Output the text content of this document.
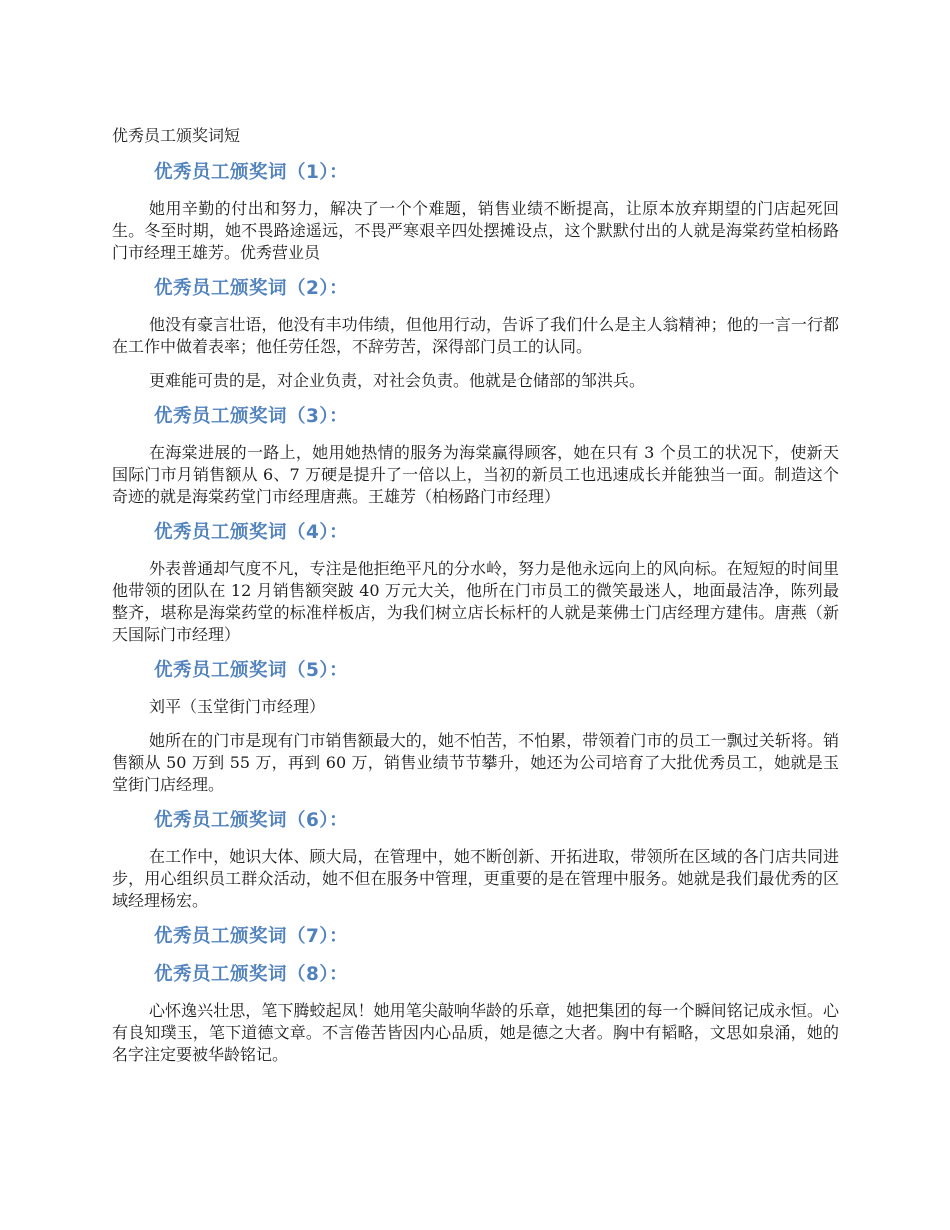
优秀员工颁奖词短
优秀员工颁奖词（1）：

她用辛勤的付出和努力，解决了一个个难题，销售业绩不断提高，让原本放弃期望的门店起死回生。冬至时期，她不畏路途遥远，不畏严寒艰辛四处摆摊设点，这个默默付出的人就是海棠药堂柏杨路门市经理王雄芳。优秀营业员

优秀员工颁奖词（2）：

他没有豪言壮语，他没有丰功伟绩，但他用行动，告诉了我们什么是主人翁精神；他的一言一行都在工作中做着表率；他任劳任怨，不辞劳苦，深得部门员工的认同。

更难能可贵的是，对企业负责，对社会负责。他就是仓储部的邹洪兵。

优秀员工颁奖词（3）：

在海棠进展的一路上，她用她热情的服务为海棠赢得顾客，她在只有 3 个员工的状况下，使新天国际门市月销售额从 6、7 万硬是提升了一倍以上，当初的新员工也迅速成长并能独当一面。制造这个奇迹的就是海棠药堂门市经理唐燕。王雄芳（柏杨路门市经理）

优秀员工颁奖词（4）：

外表普通却气度不凡，专注是他拒绝平凡的分水岭，努力是他永远向上的风向标。在短短的时间里他带领的团队在 12 月销售额突跛 40 万元大关，他所在门市员工的微笑最迷人，地面最洁净，陈列最整齐，堪称是海棠药堂的标准样板店，为我们树立店长标杆的人就是莱佛士门店经理方建伟。唐燕（新天国际门市经理）

优秀员工颁奖词（5）：

刘平（玉堂街门市经理）

她所在的门市是现有门市销售额最大的，她不怕苦，不怕累，带领着门市的员工一飘过关斩将。销售额从 50 万到 55 万，再到 60 万，销售业绩节节攀升，她还为公司培育了大批优秀员工，她就是玉堂街门店经理。

优秀员工颁奖词（6）：

在工作中，她识大体、顾大局，在管理中，她不断创新、开拓进取，带领所在区域的各门店共同进步，用心组织员工群众活动，她不但在服务中管理，更重要的是在管理中服务。她就是我们最优秀的区域经理杨宏。

优秀员工颁奖词（7）：
优秀员工颁奖词（8）：

心怀逸兴壮思，笔下腾蛟起凤！她用笔尖敲响华龄的乐章，她把集团的每一个瞬间铭记成永恒。心有良知璞玉，笔下道德文章。不言倦苦皆因内心品质，她是德之大者。胸中有韬略，文思如泉涌，她的名字注定要被华龄铭记。
